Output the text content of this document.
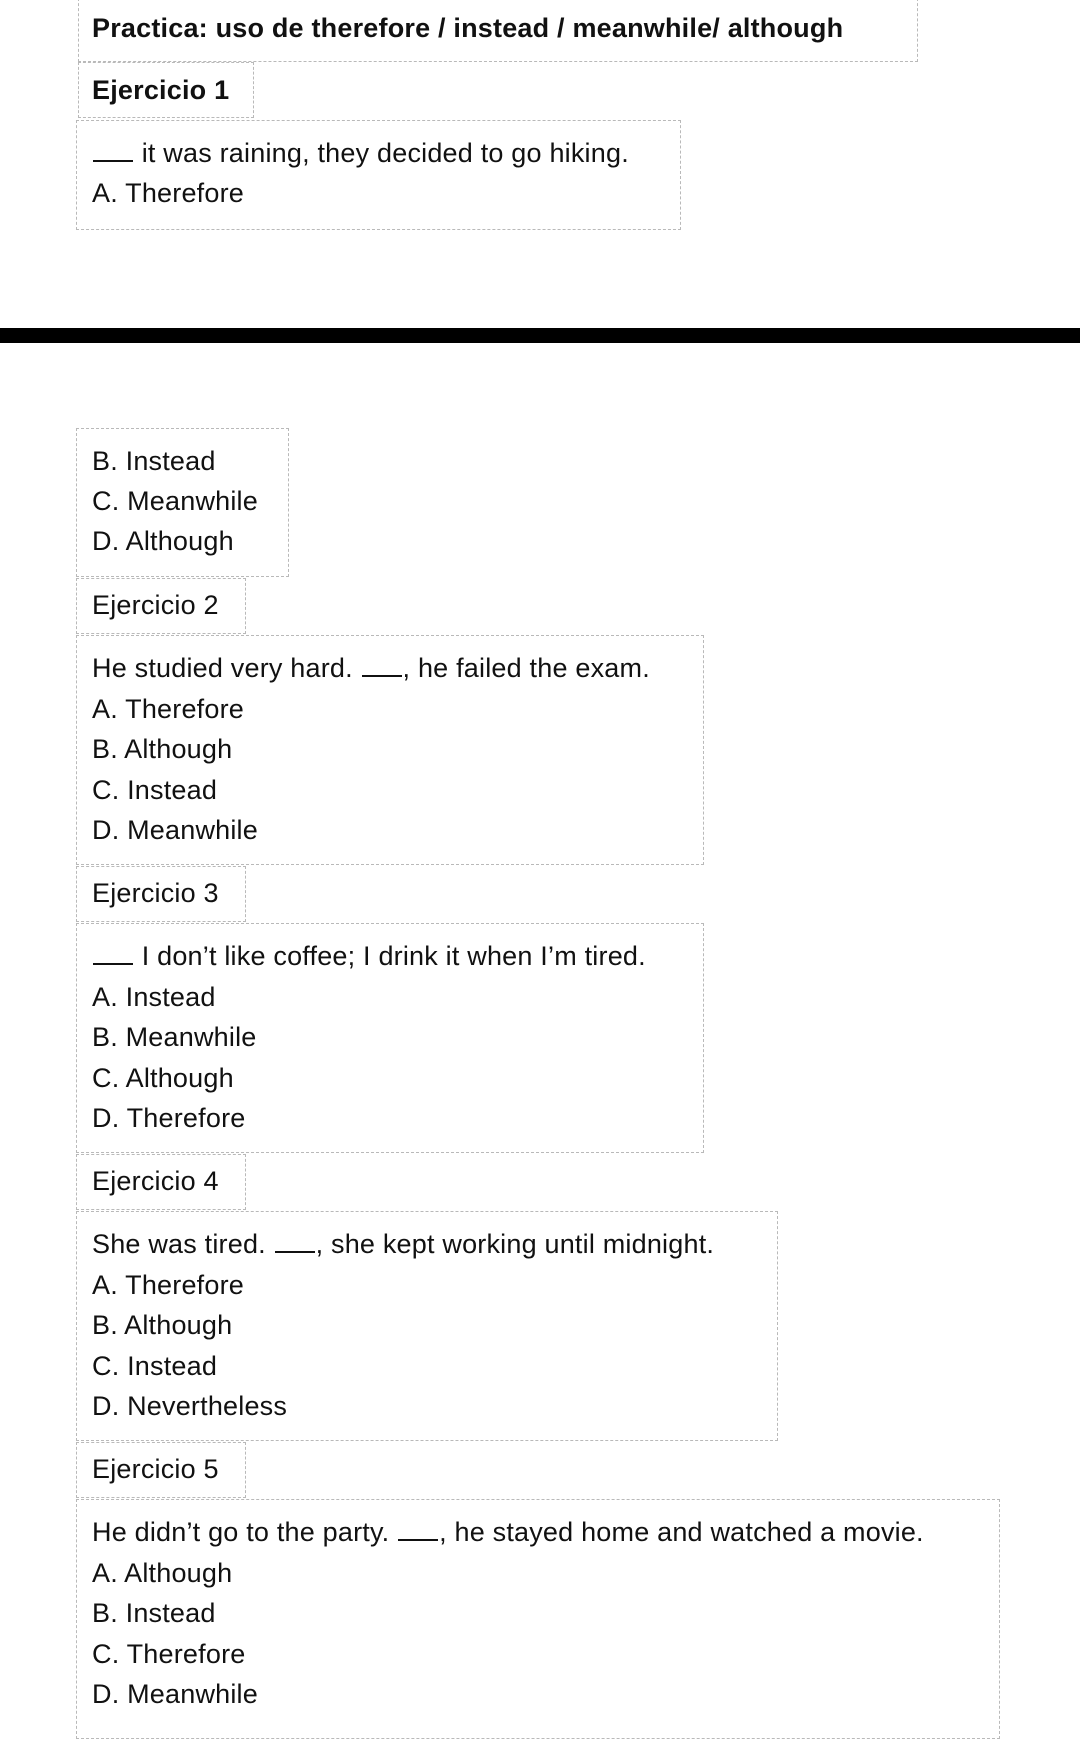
Practica: uso de therefore / instead / meanwhile/ although
Ejercicio 1
it was raining, they decided to go hiking.
A. Therefore
B. Instead
C. Meanwhile
D. Although
Ejercicio 2
He studied very hard. , he failed the exam.
A. Therefore
B. Although
C. Instead
D. Meanwhile
Ejercicio 3
I don’t like coffee; I drink it when I’m tired.
A. Instead
B. Meanwhile
C. Although
D. Therefore
Ejercicio 4
She was tired. , she kept working until midnight.
A. Therefore
B. Although
C. Instead
D. Nevertheless
Ejercicio 5
He didn’t go to the party. , he stayed home and watched a movie.
A. Although
B. Instead
C. Therefore
D. Meanwhile
